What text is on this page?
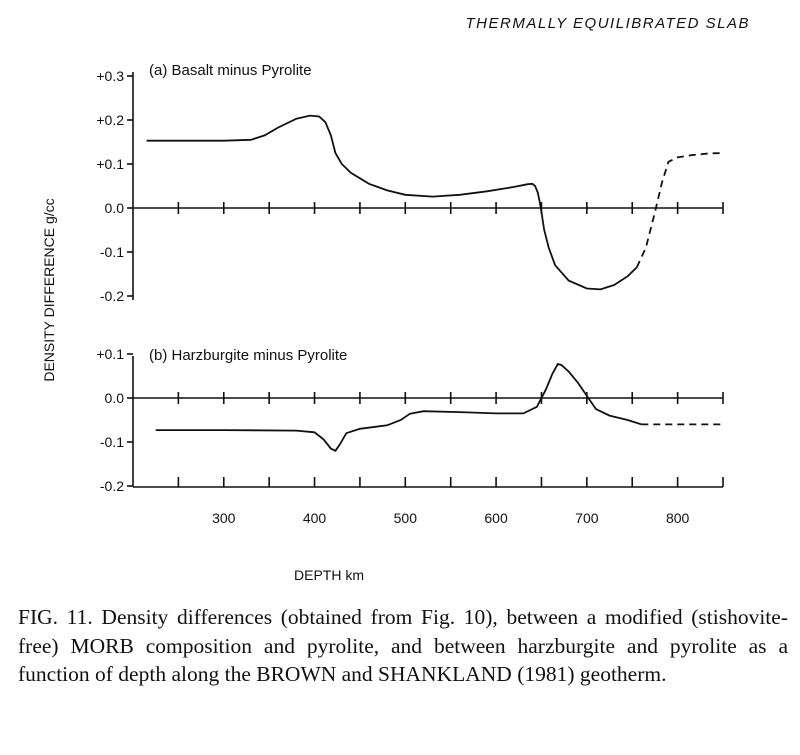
THERMALLY EQUILIBRATED SLAB
DENSITY DIFFERENCE g/cc
DEPTH km
(a) Basalt minus Pyrolite
(b) Harzburgite minus Pyrolite
-0.2
-0.1
0.0
+0.1
+0.2
+0.3
-0.2
-0.1
0.0
+0.1
300	400	500	600	700	800

FIG. 11. Density differences (obtained from Fig. 10), between a modified (stishovite-free) MORB composition and pyrolite, and between harzburgite and pyrolite as a function of depth along the BROWN and SHANKLAND (1981) geotherm.
